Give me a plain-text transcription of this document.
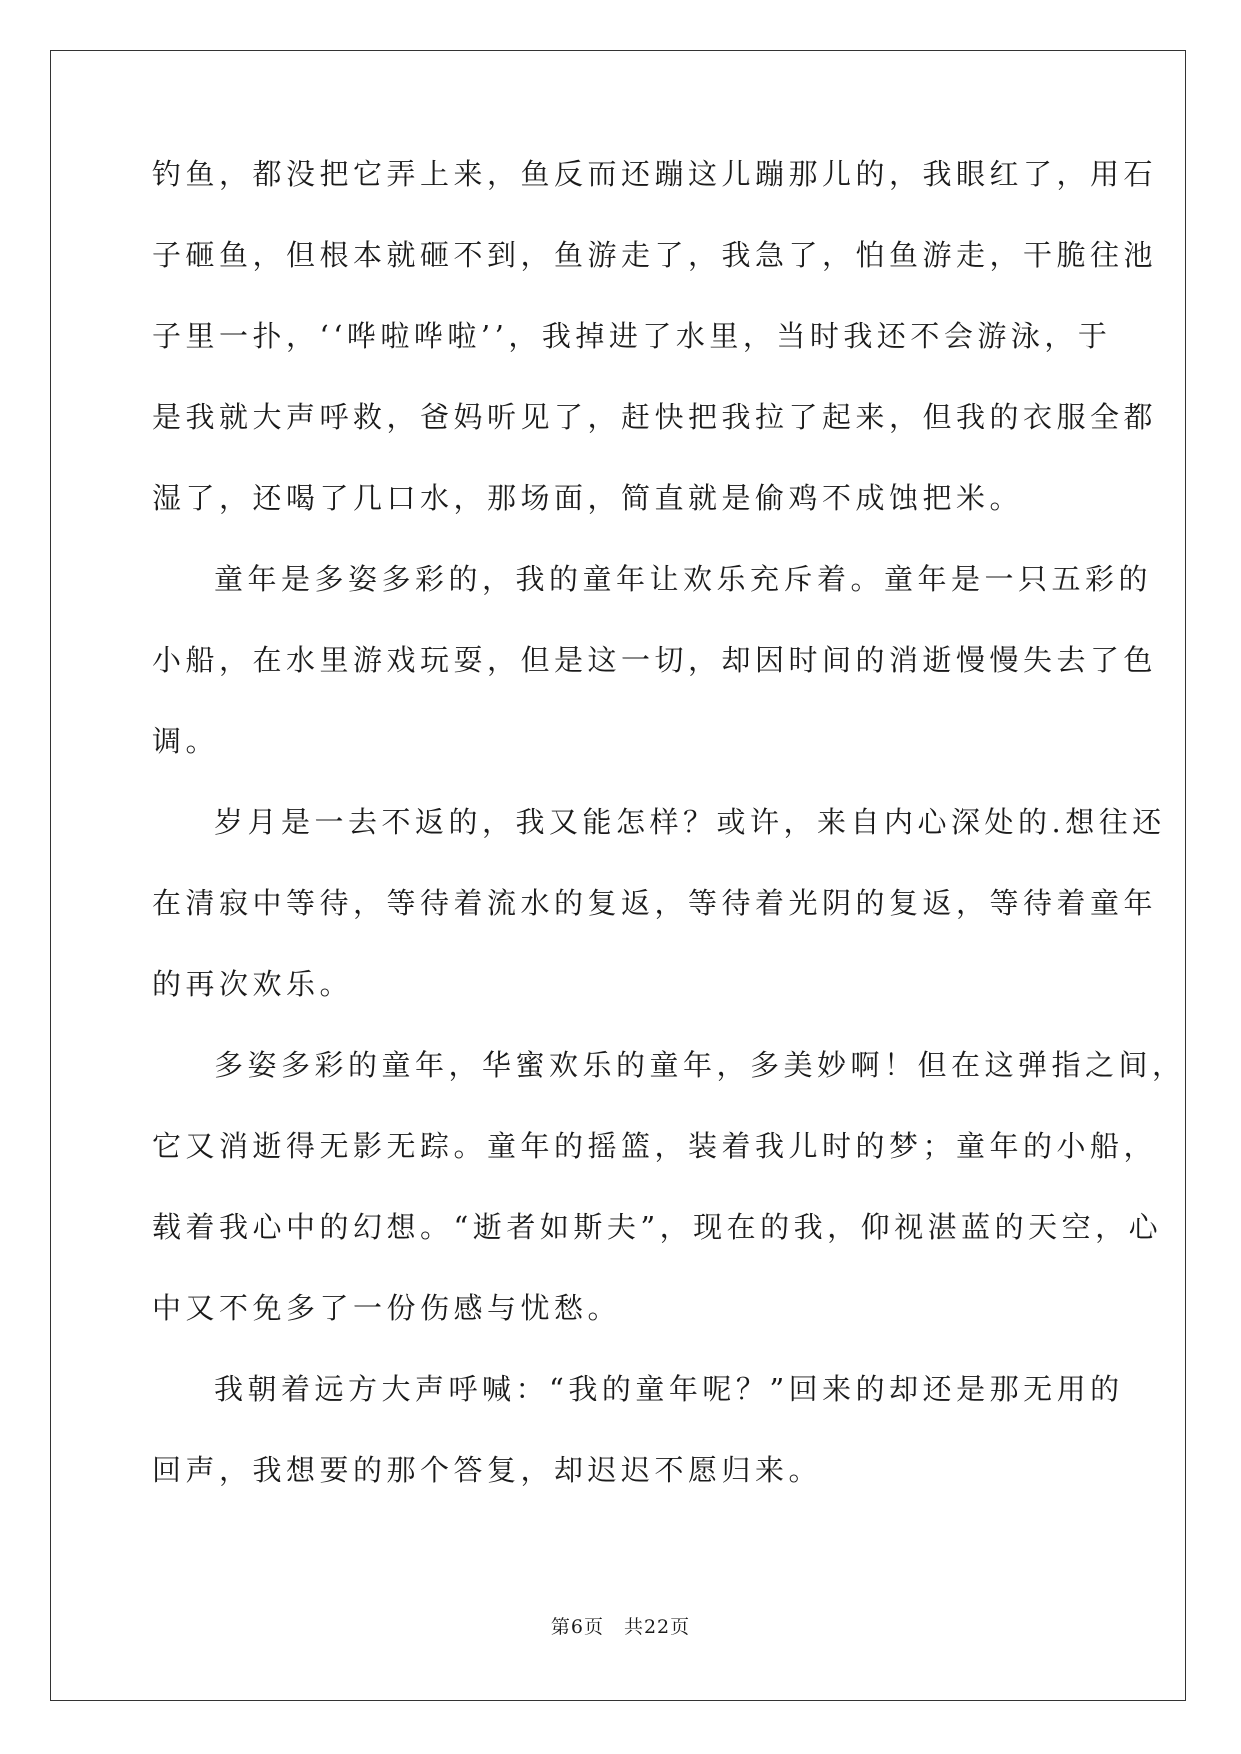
钓鱼，都没把它弄上来，鱼反而还蹦这儿蹦那儿的，我眼红了，用石
子砸鱼，但根本就砸不到，鱼游走了，我急了，怕鱼游走，干脆往池
子里一扑，‘‘哗啦哗啦’’，我掉进了水里，当时我还不会游泳，于
是我就大声呼救，爸妈听见了，赶快把我拉了起来，但我的衣服全都
湿了，还喝了几口水，那场面，简直就是偷鸡不成蚀把米。
童年是多姿多彩的，我的童年让欢乐充斥着。童年是一只五彩的
小船，在水里游戏玩耍，但是这一切，却因时间的消逝慢慢失去了色
调。
岁月是一去不返的，我又能怎样？或许，来自内心深处的.想往还
在清寂中等待，等待着流水的复返，等待着光阴的复返，等待着童年
的再次欢乐。
多姿多彩的童年，华蜜欢乐的童年，多美妙啊！但在这弹指之间，
它又消逝得无影无踪。童年的摇篮，装着我儿时的梦；童年的小船，
载着我心中的幻想。“逝者如斯夫”，现在的我，仰视湛蓝的天空，心
中又不免多了一份伤感与忧愁。
我朝着远方大声呼喊：“我的童年呢？”回来的却还是那无用的
回声，我想要的那个答复，却迟迟不愿归来。
第6页 共22页
